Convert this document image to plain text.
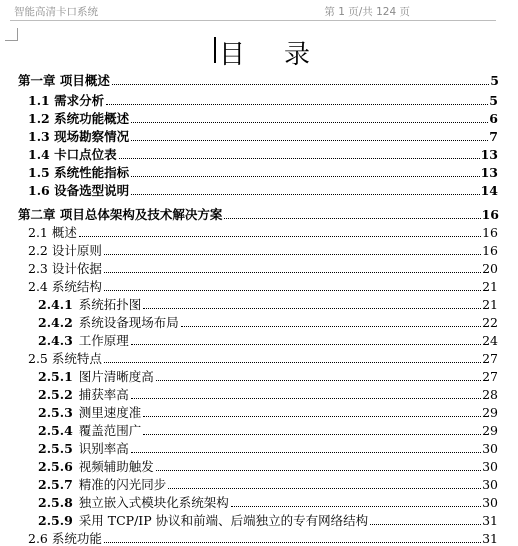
智能高清卡口系统	第 1 页/共 124 页
目 录
第一章 项目概述	5
1.1 需求分析	5
1.2 系统功能概述	6
1.3 现场勘察情况	7
1.4 卡口点位表	13
1.5 系统性能指标	13
1.6 设备选型说明	14
第二章 项目总体架构及技术解决方案	16
2.1 概述	16
2.2 设计原则	16
2.3 设计依据	20
2.4 系统结构	21
2.4.1 系统拓扑图	21
2.4.2 系统设备现场布局	22
2.4.3 工作原理	24
2.5 系统特点	27
2.5.1 图片清晰度高	27
2.5.2 捕获率高	28
2.5.3 测里速度准	29
2.5.4 覆盖范围广	29
2.5.5 识别率高	30
2.5.6 视频辅助触发	30
2.5.7 精准的闪光同步	30
2.5.8 独立嵌入式模块化系统架构	30
2.5.9 采用 TCP/IP 协议和前端、后端独立的专有网络结构	31
2.6 系统功能	31
